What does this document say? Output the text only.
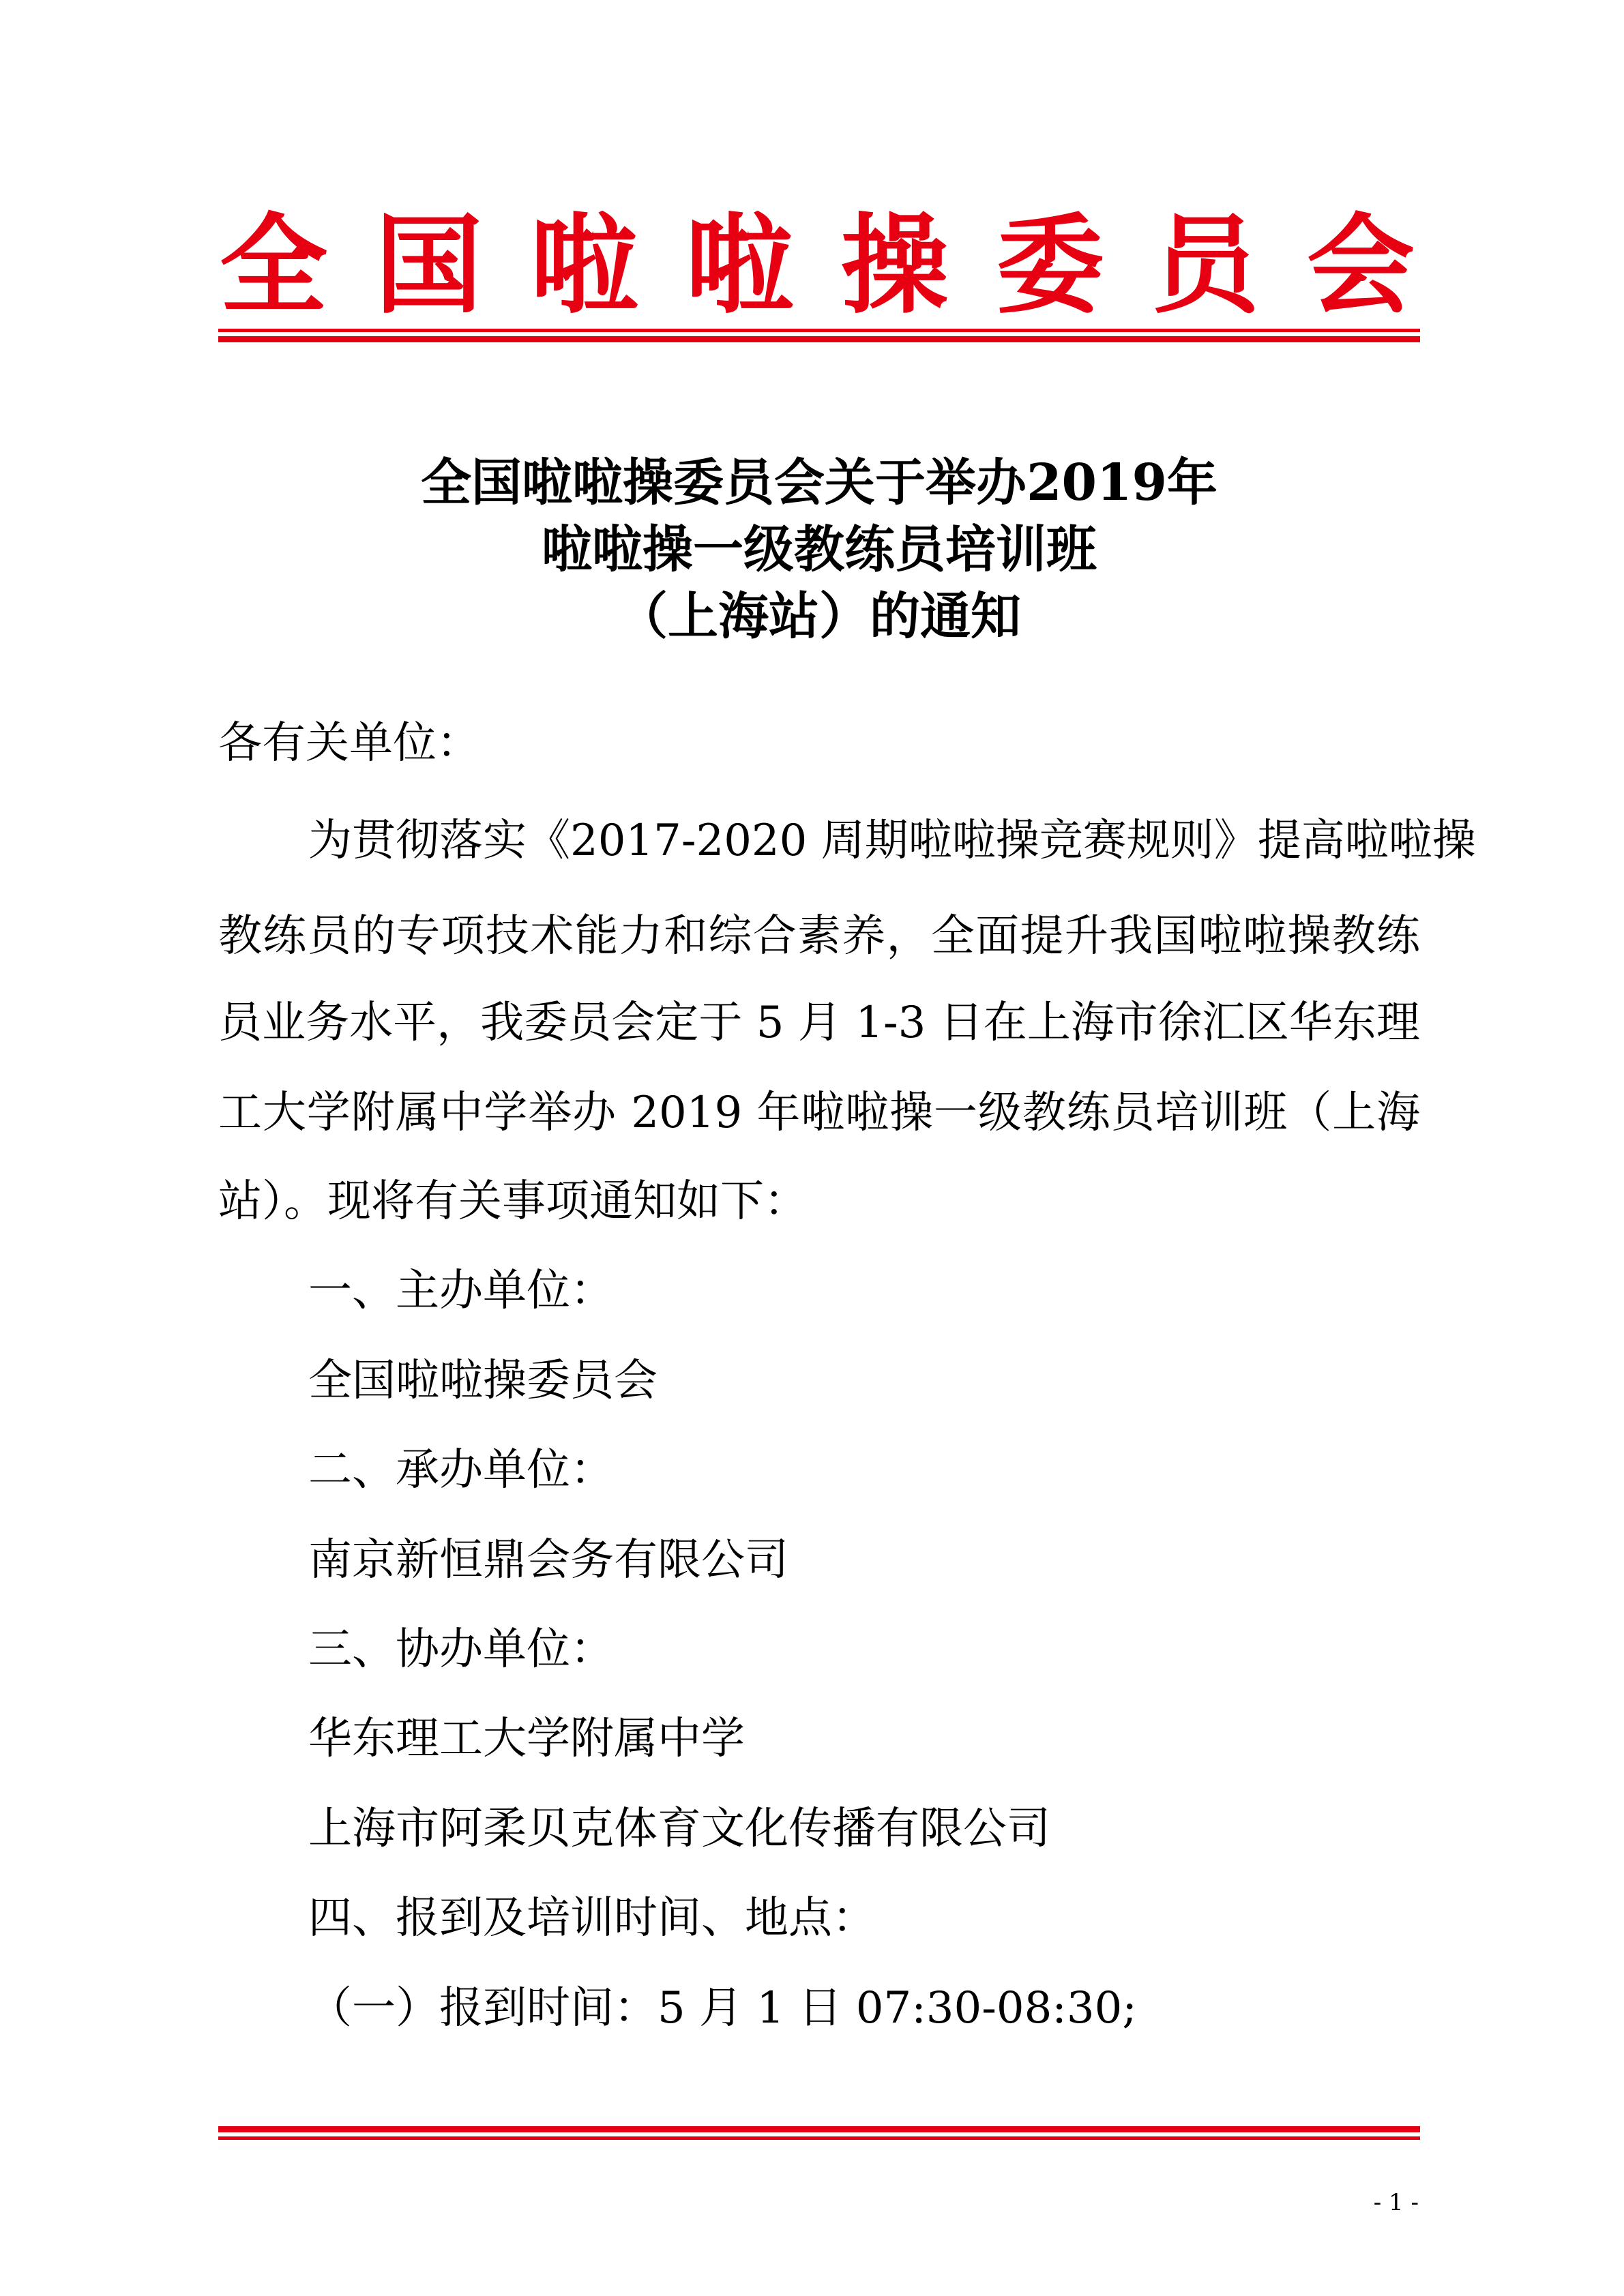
全 国 啦 啦 操 委 员 会
全国啦啦操委员会关于举办2019年
啦啦操一级教练员培训班
（上海站）的通知
各有关单位：
为贯彻落实《2017-2020 周期啦啦操竞赛规则》提高啦啦操
教练员的专项技术能力和综合素养，全面提升我国啦啦操教练
员业务水平，我委员会定于 5 月 1-3 日在上海市徐汇区华东理
工大学附属中学举办 2019 年啦啦操一级教练员培训班（上海
站）。现将有关事项通知如下：
一、主办单位：
全国啦啦操委员会
二、承办单位：
南京新恒鼎会务有限公司
三、协办单位：
华东理工大学附属中学
上海市阿柔贝克体育文化传播有限公司
四、报到及培训时间、地点：
（一）报到时间：5 月 1 日 07:30-08:30;
- 1 -
